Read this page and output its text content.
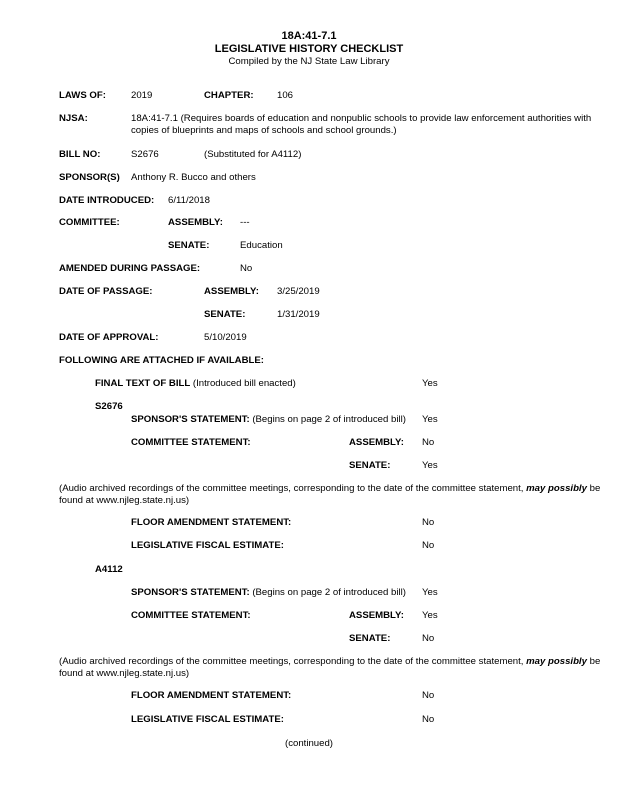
18A:41-7.1
LEGISLATIVE HISTORY CHECKLIST
Compiled by the NJ State Law Library
LAWS OF:	2019	CHAPTER: 106
NJSA:	18A:41-7.1 (Requires boards of education and nonpublic schools to provide law enforcement authorities with copies of blueprints and maps of schools and school grounds.)
BILL NO:	S2676	(Substituted for A4112)
SPONSOR(S) Anthony R. Bucco and others
DATE INTRODUCED: 6/11/2018
COMMITTEE:	ASSEMBLY: ---
SENATE:	Education
AMENDED DURING PASSAGE:	No
DATE OF PASSAGE:	ASSEMBLY: 3/25/2019
SENATE:	1/31/2019
DATE OF APPROVAL:	5/10/2019
FOLLOWING ARE ATTACHED IF AVAILABLE:
FINAL TEXT OF BILL (Introduced bill enacted)	Yes
S2676
SPONSOR'S STATEMENT: (Begins on page 2 of introduced bill) Yes
COMMITTEE STATEMENT:	ASSEMBLY: No
SENATE:	Yes
(Audio archived recordings of the committee meetings, corresponding to the date of the committee statement, may possibly be found at www.njleg.state.nj.us)
FLOOR AMENDMENT STATEMENT:	No
LEGISLATIVE FISCAL ESTIMATE:	No
A4112
SPONSOR'S STATEMENT: (Begins on page 2 of introduced bill) Yes
COMMITTEE STATEMENT:	ASSEMBLY: Yes
SENATE:	No
(Audio archived recordings of the committee meetings, corresponding to the date of the committee statement, may possibly be found at www.njleg.state.nj.us)
FLOOR AMENDMENT STATEMENT:	No
LEGISLATIVE FISCAL ESTIMATE:	No
(continued)
